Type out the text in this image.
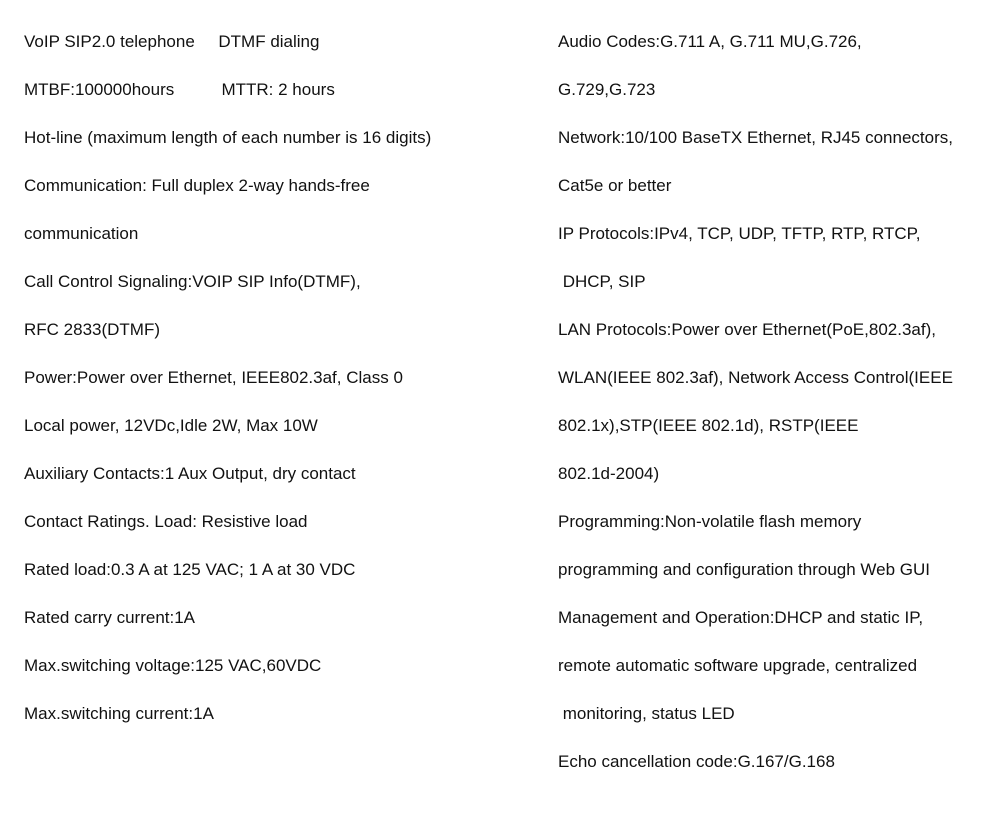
VoIP SIP2.0 telephone     DTMF dialing
MTBF:100000hours          MTTR: 2 hours
Hot-line (maximum length of each number is 16 digits)
Communication: Full duplex 2-way hands-free
communication
Call Control Signaling:VOIP SIP Info(DTMF),
RFC 2833(DTMF)
Power:Power over Ethernet, IEEE802.3af, Class 0
Local power, 12VDc,Idle 2W, Max 10W
Auxiliary Contacts:1 Aux Output, dry contact
Contact Ratings. Load: Resistive load
Rated load:0.3 A at 125 VAC; 1 A at 30 VDC
Rated carry current:1A
Max.switching voltage:125 VAC,60VDC
Max.switching current:1A
Audio Codes:G.711 A, G.711 MU,G.726,
G.729,G.723
Network:10/100 BaseTX Ethernet, RJ45 connectors,
Cat5e or better
IP Protocols:IPv4, TCP, UDP, TFTP, RTP, RTCP,
DHCP, SIP
LAN Protocols:Power over Ethernet(PoE,802.3af),
WLAN(IEEE 802.3af), Network Access Control(IEEE
802.1x),STP(IEEE 802.1d), RSTP(IEEE
802.1d-2004)
Programming:Non-volatile flash memory
programming and configuration through Web GUI
Management and Operation:DHCP and static IP,
remote automatic software upgrade, centralized
monitoring, status LED
Echo cancellation code:G.167/G.168
